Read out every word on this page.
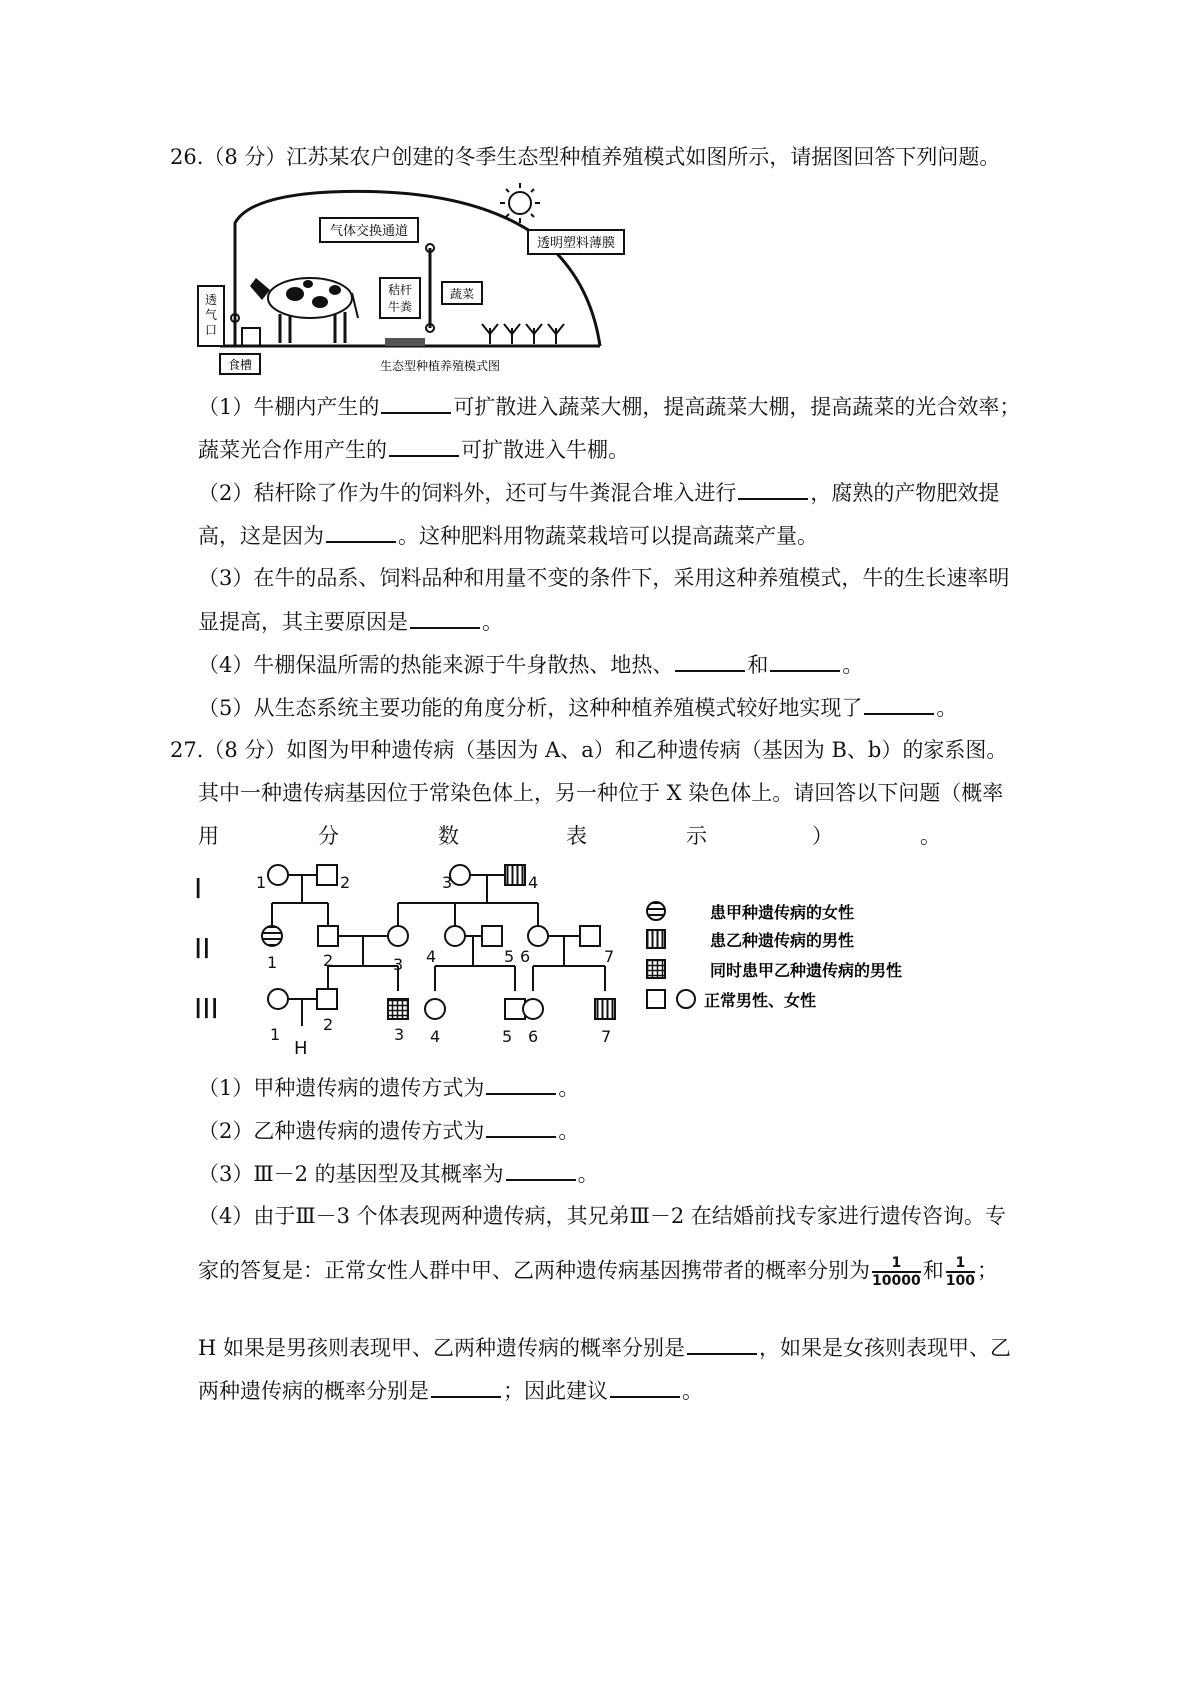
26.（8 分）江苏某农户创建的冬季生态型种植养殖模式如图所示，请据图回答下列问题。
气体交换通道
透明塑料薄膜
透气口
秸杆
牛粪
蔬菜
食槽	生态型种植养殖模式图
（1）牛棚内产生的	可扩散进入蔬菜大棚，提高蔬菜大棚，提高蔬菜的光合效率；
蔬菜光合作用产生的	可扩散进入牛棚。
（2）秸杆除了作为牛的饲料外，还可与牛粪混合堆入进行	，腐熟的产物肥效提
高，这是因为	。这种肥料用物蔬菜栽培可以提高蔬菜产量。
（3）在牛的品系、饲料品种和用量不变的条件下，采用这种养殖模式，牛的生长速率明
显提高，其主要原因是	。
（4）牛棚保温所需的热能来源于牛身散热、地热、	和	。
（5）从生态系统主要功能的角度分析，这种种植养殖模式较好地实现了	。
27.（8 分）如图为甲种遗传病（基因为 A、a）和乙种遗传病（基因为 B、b）的家系图。
其中一种遗传病基因位于常染色体上，另一种位于 X 染色体上。请回答以下问题（概率
用	分	数	表	示	）	。
I
II
III
1	2	3	4
1	2	3 4	5 6	7
1
2
3 4	5 6	7
H
患甲种遗传病的女性
患乙种遗传病的男性
同时患甲乙种遗传病的男性
正常男性、女性
（1）甲种遗传病的遗传方式为	。
（2）乙种遗传病的遗传方式为	。
（3）Ⅲ－2 的基因型及其概率为	。
（4）由于Ⅲ－3 个体表现两种遗传病，其兄弟Ⅲ－2 在结婚前找专家进行遗传咨询。专
家的答复是：正常女性人群中甲、乙两种遗传病基因携带者的概率分别为 $\frac{1}{10000}$ 和 $\frac{1}{100}$ ；
H 如果是男孩则表现甲、乙两种遗传病的概率分别是	，如果是女孩则表现甲、乙
两种遗传病的概率分别是	；因此建议	。
